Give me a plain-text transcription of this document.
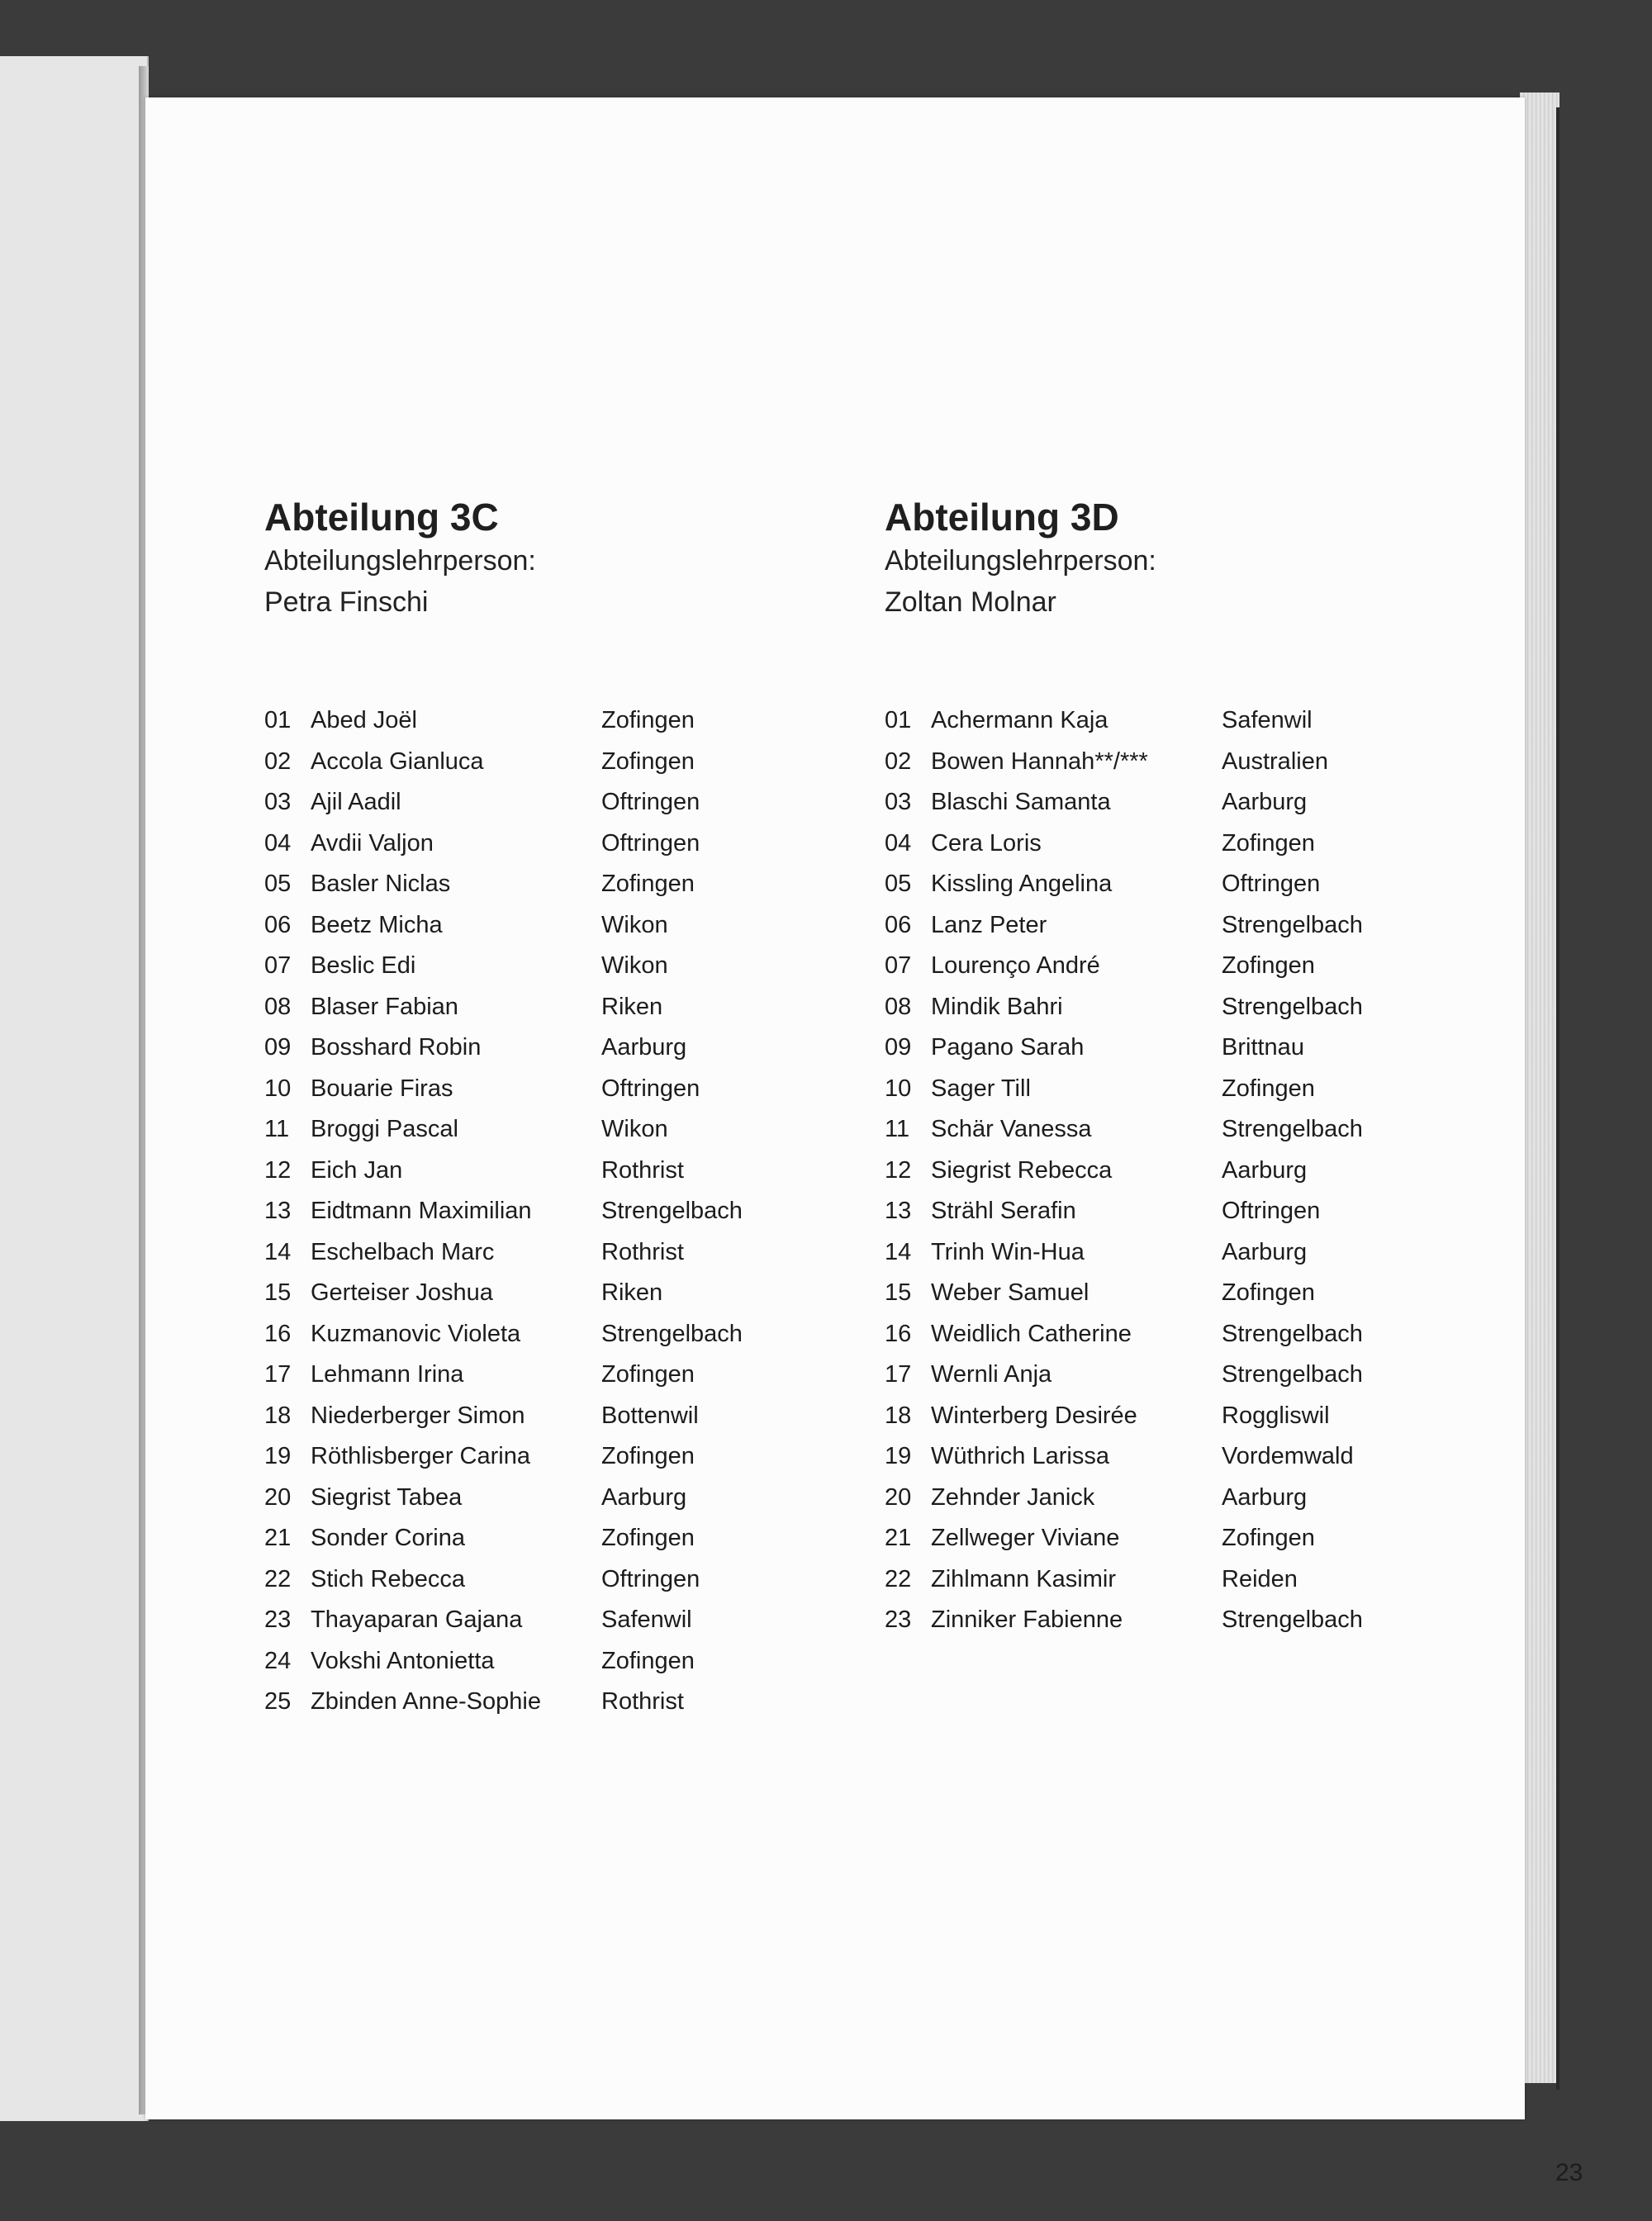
Abteilung 3C
Abteilungslehrperson:
Petra Finschi
01 Abed Joël	Zofingen
02 Accola Gianluca	Zofingen
03 Ajil Aadil	Oftringen
04 Avdii Valjon	Oftringen
05 Basler Niclas	Zofingen
06 Beetz Micha	Wikon
07 Beslic Edi	Wikon
08 Blaser Fabian	Riken
09 Bosshard Robin	Aarburg
10 Bouarie Firas	Oftringen
11 Broggi Pascal	Wikon
12 Eich Jan	Rothrist
13 Eidtmann Maximilian	Strengelbach
14 Eschelbach Marc	Rothrist
15 Gerteiser Joshua	Riken
16 Kuzmanovic Violeta	Strengelbach
17 Lehmann Irina	Zofingen
18 Niederberger Simon	Bottenwil
19 Röthlisberger Carina	Zofingen
20 Siegrist Tabea	Aarburg
21 Sonder Corina	Zofingen
22 Stich Rebecca	Oftringen
23 Thayaparan Gajana	Safenwil
24 Vokshi Antonietta	Zofingen
25 Zbinden Anne-Sophie	Rothrist
Abteilung 3D
Abteilungslehrperson:
Zoltan Molnar
01 Achermann Kaja	Safenwil
02 Bowen Hannah**/***	Australien
03 Blaschi Samanta	Aarburg
04 Cera Loris	Zofingen
05 Kissling Angelina	Oftringen
06 Lanz Peter	Strengelbach
07 Lourenço André	Zofingen
08 Mindik Bahri	Strengelbach
09 Pagano Sarah	Brittnau
10 Sager Till	Zofingen
11 Schär Vanessa	Strengelbach
12 Siegrist Rebecca	Aarburg
13 Strähl Serafin	Oftringen
14 Trinh Win-Hua	Aarburg
15 Weber Samuel	Zofingen
16 Weidlich Catherine	Strengelbach
17 Wernli Anja	Strengelbach
18 Winterberg Desirée	Roggliswil
19 Wüthrich Larissa	Vordemwald
20 Zehnder Janick	Aarburg
21 Zellweger Viviane	Zofingen
22 Zihlmann Kasimir	Reiden
23 Zinniker Fabienne	Strengelbach
23
